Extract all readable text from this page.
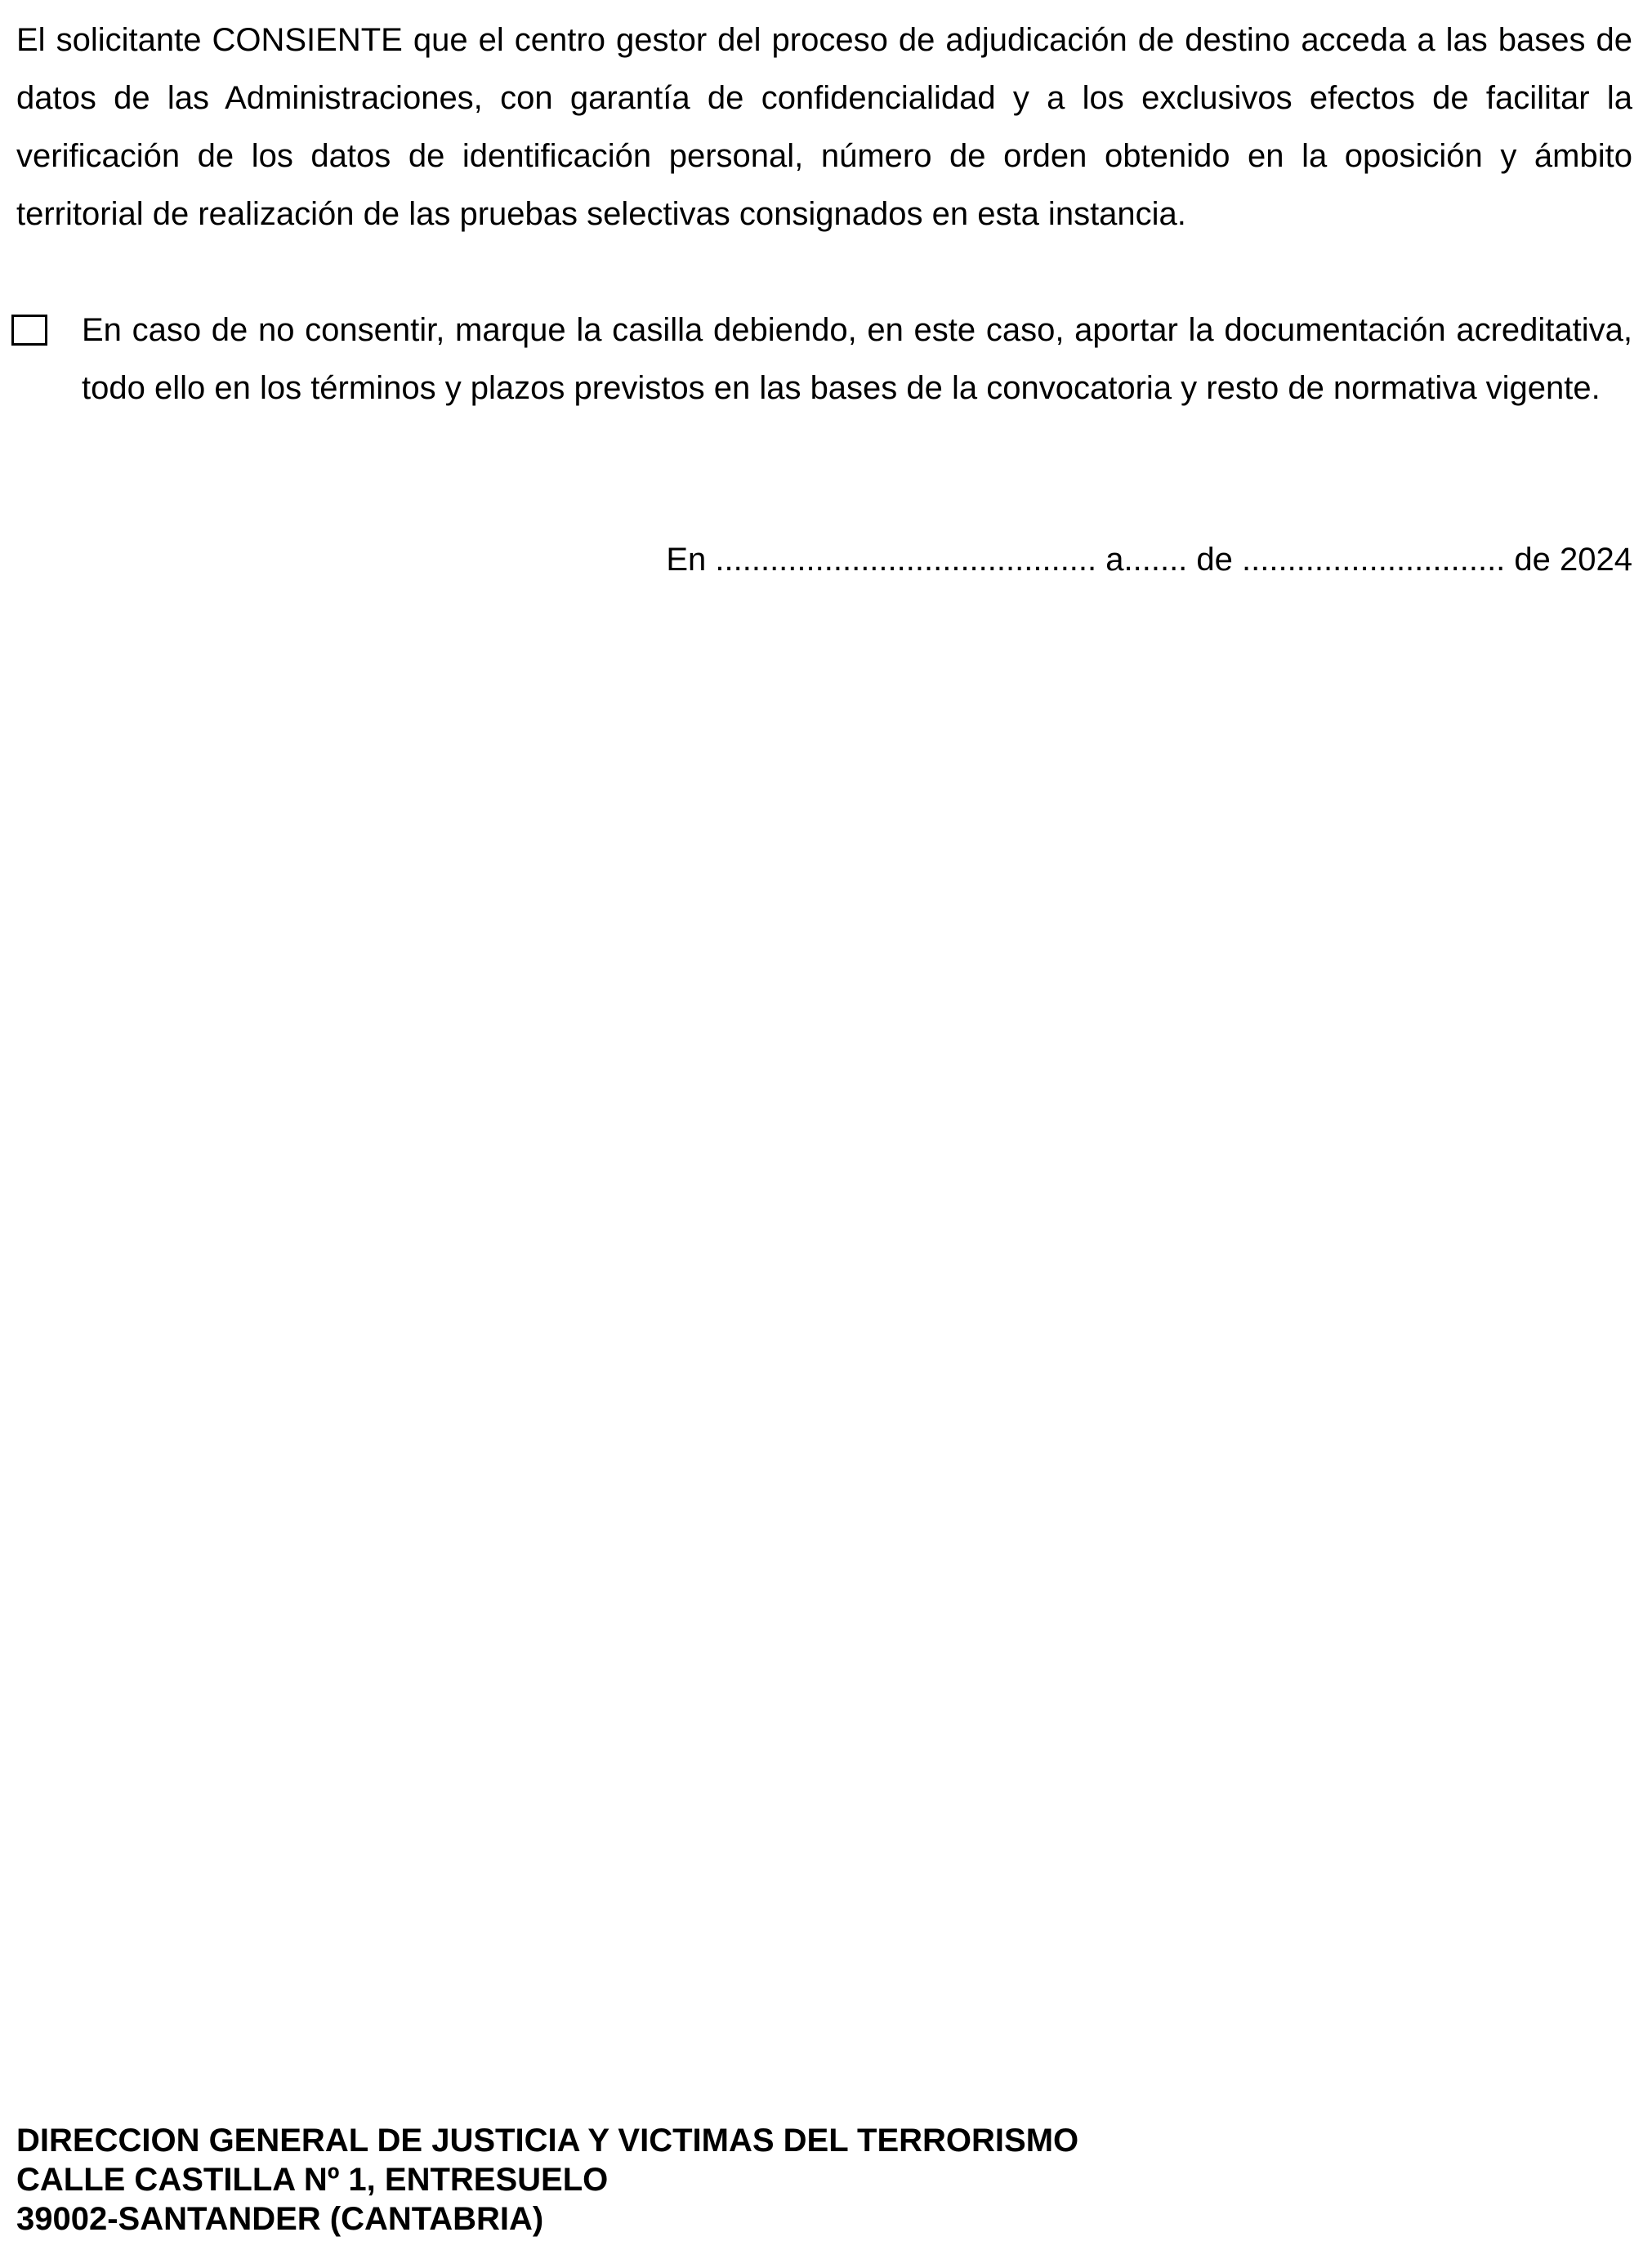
El solicitante CONSIENTE que el centro gestor del proceso de adjudicación de destino acceda a las bases de datos de las Administraciones, con garantía de confidencialidad y a los exclusivos efectos de facilitar la verificación de los datos de identificación personal, número de orden obtenido en la oposición y ámbito territorial de realización de las pruebas selectivas consignados en esta instancia.

En caso de no consentir, marque la casilla debiendo, en este caso, aportar la documentación acreditativa, todo ello en los términos y plazos previstos en las bases de la convocatoria y resto de normativa vigente.

En .......................................... a....... de ............................. de 2024

DIRECCION GENERAL DE JUSTICIA Y VICTIMAS DEL TERRORISMO
CALLE CASTILLA Nº 1, ENTRESUELO
39002-SANTANDER (CANTABRIA)
